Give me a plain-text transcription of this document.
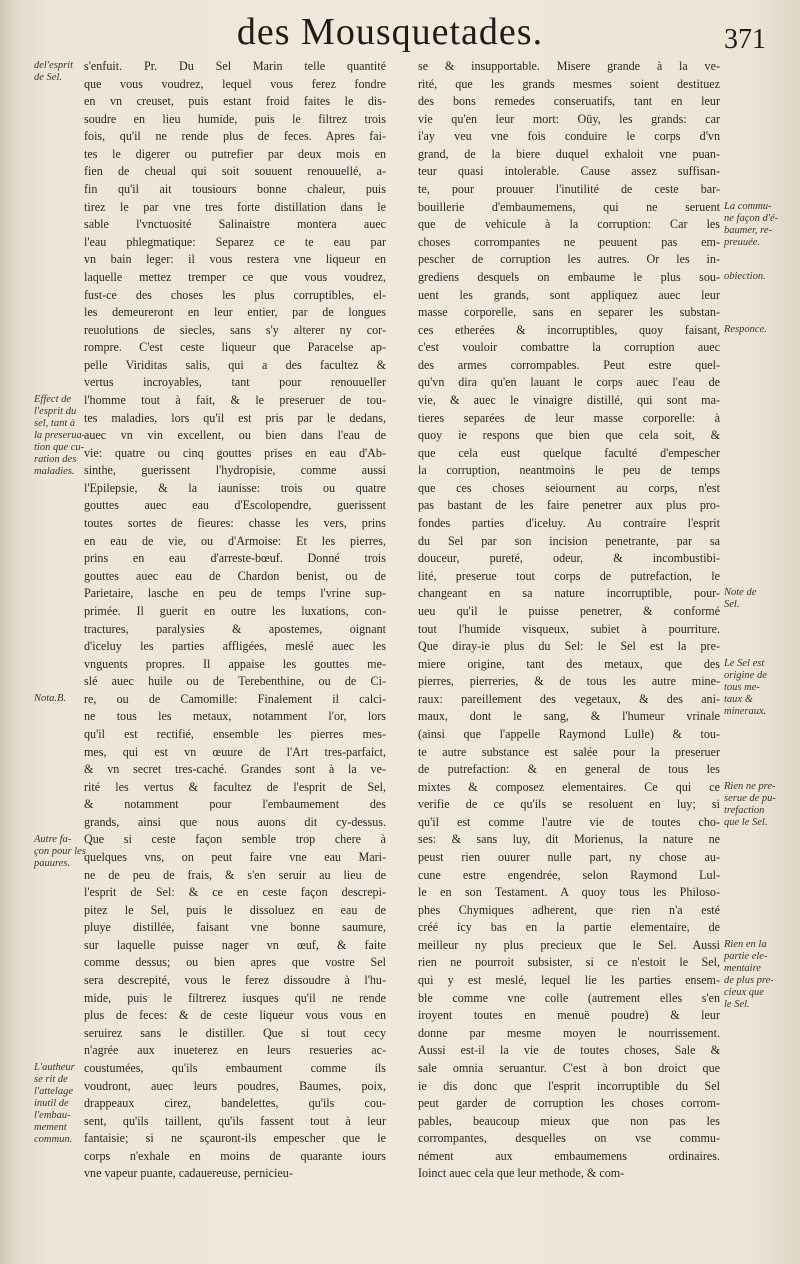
des Mousquetades.	371
s'enfuit. Pr. Du Sel Marin telle quantité
que vous voudrez, lequel vous ferez fondre
en vn creuset, puis estant froid faites le dis-
soudre en lieu humide, puis le filtrez trois
fois, qu'il ne rende plus de feces. Apres fai-
tes le digerer ou putrefier par deux mois en
fien de cheual qui soit souuent renouuellé, a-
fin qu'il ait tousiours bonne chaleur, puis
tirez le par vne tres forte distillation dans le
sable l'vnctuosité Salinaistre montera auec
l'eau phlegmatique: Separez ce te eau par
vn bain leger: il vous restera vne liqueur en
laquelle mettez tremper ce que vous voudrez,
fust-ce des choses les plus corruptibles, el-
les demeureront en leur entier, par de longues
reuolutions de siecles, sans s'y alterer ny cor-
rompre. C'est ceste liqueur que Paracelse ap-
pelle Viriditas salis, qui a des facultez &
vertus incroyables, tant pour renouueller
l'homme tout à fait, & le preseruer de tou-
tes maladies, lors qu'il est pris par le dedans,
auec vn vin excellent, ou bien dans l'eau de
vie: quatre ou cinq gouttes prises en eau d'Ab-
sinthe, guerissent l'hydropisie, comme aussi
l'Epilepsie, & la iaunisse: trois ou quatre
gouttes auec eau d'Escolopendre, guerissent
toutes sortes de fieures: chasse les vers, prins
en eau de vie, ou d'Armoise: Et les pierres,
prins en eau d'arreste-bœuf. Donné trois
gouttes auec eau de Chardon benist, ou de
Parietaire, lasche en peu de temps l'vrine sup-
primée. Il guerit en outre les luxations, con-
tractures, paralysies & apostemes, oignant
d'iceluy les parties affligées, meslé auec les
vnguents propres. Il appaise les gouttes me-
slé auec huile ou de Terebenthine, ou de Ci-
re, ou de Camomille: Finalement il calci-
ne tous les metaux, notamment l'or, lors
qu'il est rectifié, ensemble les pierres mes-
mes, qui est vn œuure de l'Art tres-parfaict,
& vn secret tres-caché. Grandes sont à la ve-
rité les vertus & facultez de l'esprit de Sel,
& notamment pour l'embaumement des
grands, ainsi que nous auons dit cy-dessus.
Que si ceste façon semble trop chere à
quelques vns, on peut faire vne eau Mari-
ne de peu de frais, & s'en seruir au lieu de
l'esprit de Sel: & ce en ceste façon descrepi-
pitez le Sel, puis le dissoluez en eau de
pluye distillée, faisant vne bonne saumure,
sur laquelle puisse nager vn œuf, & faite
comme dessus; ou bien apres que vostre Sel
sera descrepité, vous le ferez dissoudre à l'hu-
mide, puis le filtrerez iusques qu'il ne rende
plus de feces: & de ceste liqueur vous vous en
seruirez sans le distiller. Que si tout cecy
n'agrée aux inueterez en leurs resueries ac-
coustumées, qu'ils embaument comme ils
voudront, auec leurs poudres, Baumes, poix,
drappeaux cirez, bandelettes, qu'ils cou-
sent, qu'ils taillent, qu'ils fassent tout à leur
fantaisie; si ne sçauront-ils empescher que le
corps n'exhale en moins de quarante iours
vne vapeur puante, cadauereuse, pernicieu-
se & insupportable. Misere grande à la ve-
rité, que les grands mesmes soient destituez
des bons remedes conseruatifs, tant en leur
vie qu'en leur mort: Oüy, les grands: car
i'ay veu vne fois conduire le corps d'vn
grand, de la biere duquel exhaloit vne puan-
teur quasi intolerable. Cause assez suffisan-
te, pour prouuer l'inutilité de ceste bar-
bouillerie d'embaumemens, qui ne seruent
que de vehicule à la corruption: Car les
choses corrompantes ne peuuent pas em-
pescher de corruption les autres. Or les in-
grediens desquels on embaume le plus sou-
uent les grands, sont appliquez auec leur
masse corporelle, sans en separer les substan-
ces etherées & incorruptibles, quoy faisant,
c'est vouloir combattre la corruption auec
des armes corrompables. Peut estre quel-
qu'vn dira qu'en lauant le corps auec l'eau de
vie, & auec le vinaigre distillé, qui sont ma-
tieres separées de leur masse corporelle: à
quoy ie respons que bien que cela soit, &
que cela eust quelque faculté d'empescher
la corruption, neantmoins le peu de temps
que ces choses seiournent au corps, n'est
pas bastant de les faire penetrer aux plus pro-
fondes parties d'iceluy. Au contraire l'esprit
du Sel par son incision penetrante, par sa
douceur, pureté, odeur, & incombustibi-
lité, preserue tout corps de putrefaction, le
changeant en sa nature incorruptible, pour-
ueu qu'il le puisse penetrer, & conformé
tout l'humide visqueux, subiet à pourriture.
Que diray-ie plus du Sel: le Sel est la pre-
miere origine, tant des metaux, que des
pierres, pierreries, & de tous les autre mine-
raux: pareillement des vegetaux, & des ani-
maux, dont le sang, & l'humeur vrinale
(ainsi que l'appelle Raymond Lulle) & tou-
te autre substance est salée pour la preseruer
de putrefaction: & en general de tous les
mixtes & composez elementaires. Ce qui ce
verifie de ce qu'ils se resoluent en luy; si
qu'il est comme l'autre vie de toutes cho-
ses: & sans luy, dit Morienus, la nature ne
peust rien ouurer nulle part, ny chose au-
cune estre engendrée, selon Raymond Lul-
le en son Testament. A quoy tous les Philoso-
phes Chymiques adherent, que rien n'a esté
créé icy bas en la partie elementaire, de
meilleur ny plus precieux que le Sel. Aussi
rien ne pourroit subsister, si ce n'estoit le Sel,
qui y est meslé, lequel lie les parties ensem-
ble comme vne colle (autrement elles s'en
iroyent toutes en menuë poudre) & leur
donne par mesme moyen le nourrissement.
Aussi est-il la vie de toutes choses, Sale &
sale omnia seruantur. C'est à bon droict que
ie dis donc que l'esprit incorruptible du Sel
peut garder de corruption les choses corrom-
pables, beaucoup mieux que non pas les
corrompantes, desquelles on vse commu-
nément aux embaumemens ordinaires.
Ioinct auec cela que leur methode, & com-
del'esprit
de Sel.
Effect de
l'esprit du
sel, tant à
la preserua-
tion que cu-
ration des
maladies.
Nota.B.
Autre fa-
çon pour les
pauures.
L'autheur
se rit de
l'attelage
inutil de
l'embau-
mement
commun.
La commu-
ne façon d'é-
baumer, re-
preuuée.
obiection.
Responce.
Note de
Sel.
Le Sel est
origine de
tous me-
taux &
mineraux.
Rien ne pre-
serue de pu-
trefaction
que le Sel.
Rien en la
partie ele-
mentaire
de plus pre-
cieux que
le Sel.
